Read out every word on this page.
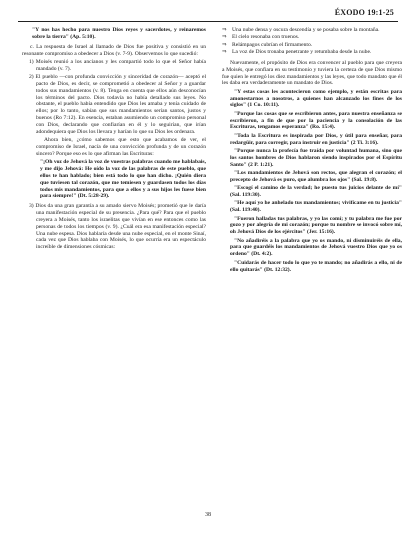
ÉXODO 19:1-25

"Y nos has hecho para nuestro Dios reyes y sacerdotes, y reinaremos sobre la tierra" (Ap. 5:10).

c. La respuesta de Israel al llamado de Dios fue positiva y consistió en un resonante compromiso a obedecer a Dios (v. 7-9). Observemos lo que sucedió:

1) Moisés reunió a los ancianos y les compartió todo lo que el Señor había mandado (v. 7).

2) El pueblo —con profunda convicción y sinceridad de corazón— aceptó el pacto de Dios, es decir, se comprometió a obedecer al Señor y a guardar todos sus mandamientos (v. 8). Tenga en cuenta que ellos aún desconocían los términos del pacto. Dios todavía no había detallado sus leyes. No obstante, el pueblo había entendido que Dios les amaba y tenía cuidado de ellos; por lo tanto, sabían que sus mandamientos serían santos, justos y buenos (Ro 7:12). En esencia, estaban asumiendo un compromiso personal con Dios, declarando que confiarían en él y lo seguirían, que irían adondequiera que Dios los llevara y harían lo que su Dios les ordenara.

Ahora bien, ¿cómo sabemos que esto que acabamos de ver, el compromiso de Israel, nacía de una convicción profunda y de un corazón sincero? Porque eso es lo que afirman las Escrituras:

"¡Oh voz de Jehová la voz de vuestras palabras cuando me hablabais, y me dijo Jehová: He oído la voz de las palabras de este pueblo, que ellos te han hablado; bien está todo lo que han dicho. ¡Quién diera que tuviesen tal corazón, que me temiesen y guardasen todos los días todos mis mandamientos, para que a ellos y a sus hijos les fuese bien para siempre!" (Dt. 5:28-29).

3) Dios da una gran garantía a su amado siervo Moisés; prometió que le daría una manifestación especial de su presencia. ¿Para qué? Para que el pueblo creyera a Moisés, tanto los israelitas que vivían en ese entonces como las personas de todos los tiempos (v. 9). ¿Cuál era esa manifestación especial? Una nube espesa. Dios hablaría desde una nube especial, en el monte Sinaí, cada vez que Dios hablaba con Moisés, lo que ocurría era un espectáculo increíble de dimensiones cósmicas:

⇒ Una nube densa y oscura descendía y se posaba sobre la montaña.
⇒ El cielo resonaba con truenos.
⇒ Relámpagos cubrían el firmamento.
⇒ La voz de Dios tronaba penetrante y retumbaba desde la nube.

Nuevamente, el propósito de Dios era convencer al pueblo para que creyera a Moisés, que confiara en su testimonio y tuviera la certeza de que Dios mismo fue quien le entregó los diez mandamientos y las leyes, que todo mandato que él les daba era verdaderamente un mandato de Dios.

"Y estas cosas les acontecieron como ejemplo, y están escritas para amonestarnos a nosotros, a quienes han alcanzado los fines de los siglos" (1 Co. 10:11).

"Porque las cosas que se escribieron antes, para nuestra enseñanza se escribieron, a fin de que por la paciencia y la consolación de las Escrituras, tengamos esperanza" (Ro. 15:4).

"Toda la Escritura es inspirada por Dios, y útil para enseñar, para redargüir, para corregir, para instruir en justicia" (2 Ti. 3:16).

"Porque nunca la profecía fue traída por voluntad humana, sino que los santos hombres de Dios hablaron siendo inspirados por el Espíritu Santo" (2 P. 1:21).

"Los mandamientos de Jehová son rectos, que alegran el corazón; el precepto de Jehová es puro, que alumbra los ojos" (Sal. 19:8).

"Escogí el camino de la verdad; he puesto tus juicios delante de mí" (Sal. 119:30).

"He aquí yo he anhelado tus mandamientos; vivifícame en tu justicia" (Sal. 119:40).

"Fueron halladas tus palabras, y yo las comí; y tu palabra me fue por gozo y por alegría de mi corazón; porque tu nombre se invocó sobre mí, oh Jehová Dios de los ejércitos" (Jer. 15:16).

"No añadiréis a la palabra que yo os mando, ni disminuiréis de ella, para que guardéis los mandamientos de Jehová vuestro Dios que yo os ordeno" (Dt. 4:2).

"Cuidarás de hacer todo lo que yo te mando; no añadirás a ello, ni de ello quitarás" (Dt. 12:32).

38
